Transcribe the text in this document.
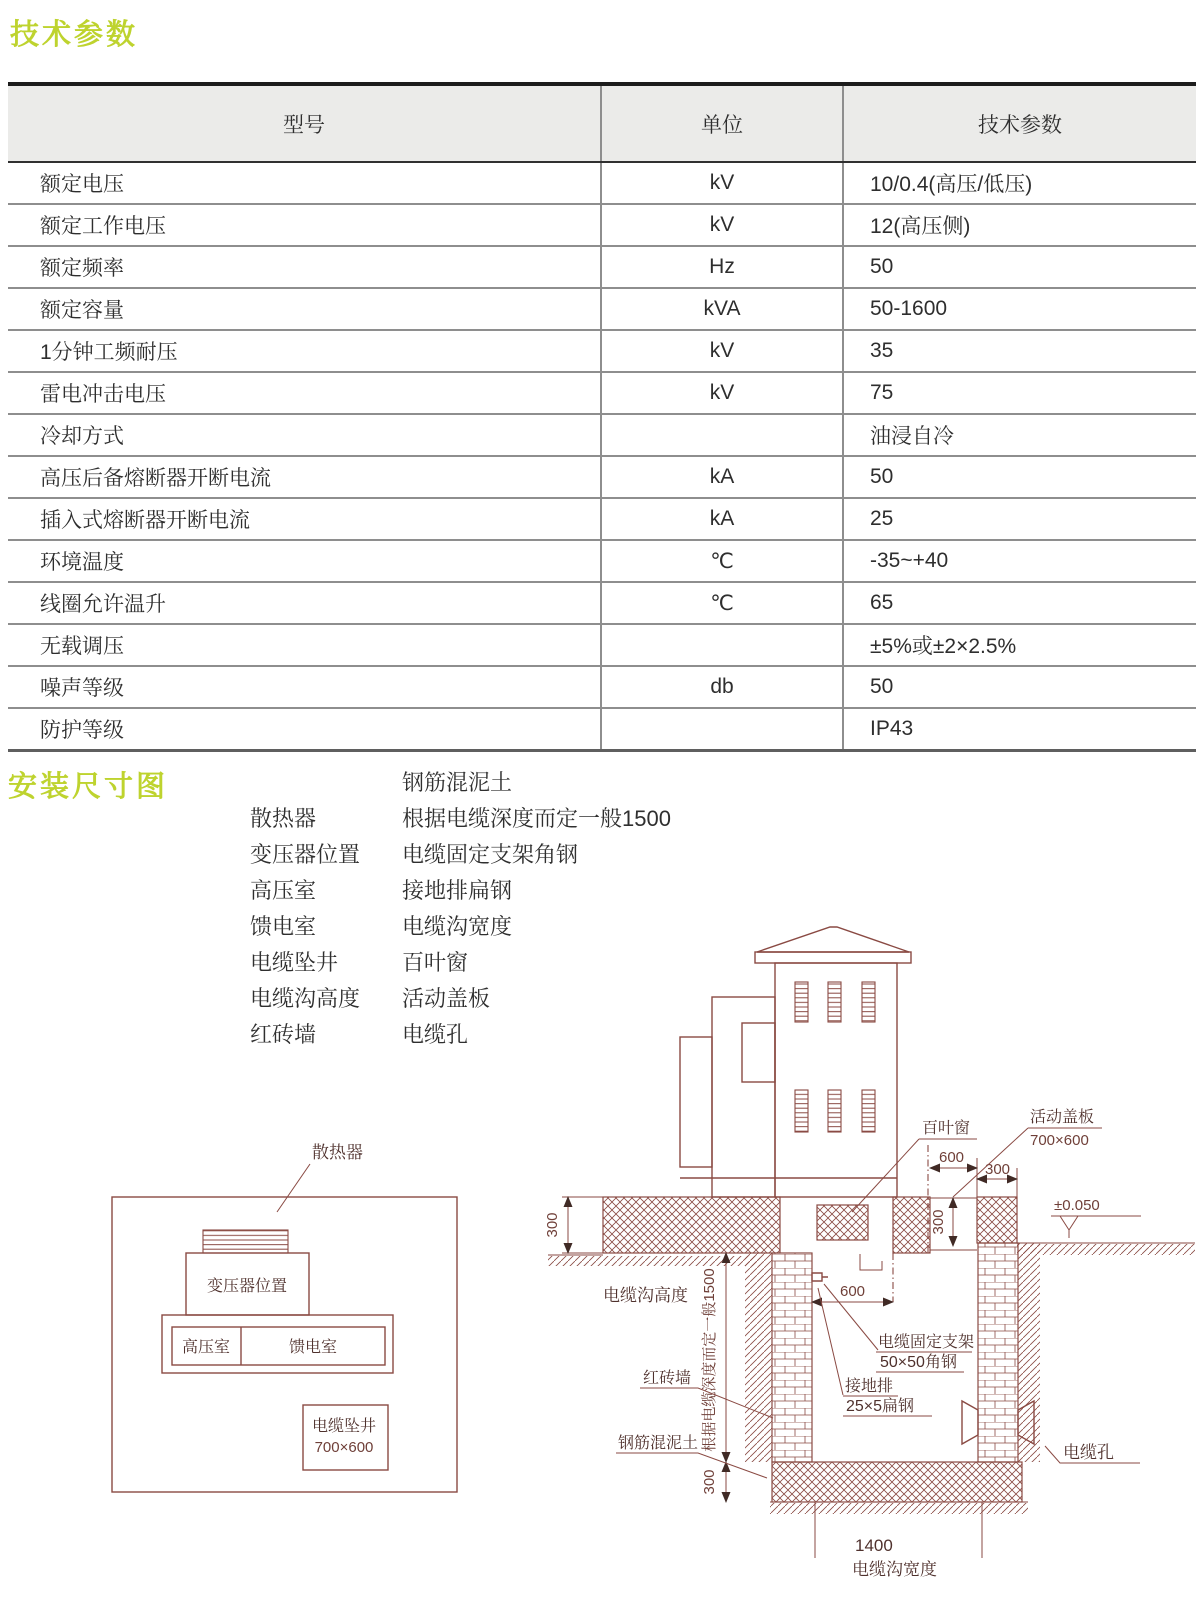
技术参数
型号	单位	技术参数
额定电压	kV	10/0.4(高压/低压)
额定工作电压	kV	12(高压侧)
额定频率	Hz	50
额定容量	kVA	50-1600
1分钟工频耐压	kV	35
雷电冲击电压	kV	75
冷却方式		油浸自冷
高压后备熔断器开断电流	kA	50
插入式熔断器开断电流	kA	25
环境温度	℃	-35~+40
线圈允许温升	℃	65
无载调压		±5%或±2×2.5%
噪声等级	db	50
防护等级		IP43
安装尺寸图	钢筋混泥土
散热器	根据电缆深度而定一般1500
变压器位置	电缆固定支架角钢
高压室	接地排扁钢
馈电室	电缆沟宽度
电缆坠井	百叶窗
电缆沟高度	活动盖板
红砖墙	电缆孔
散热器
变压器位置
高压室	馈电室
电缆坠井
700×600
300
根据电缆深度而定一般1500
300
电缆沟高度	600
电缆固定支架
50×50角钢
接地排
25×5扁钢
红砖墙
钢筋混泥土	电缆孔
1400
电缆沟宽度
600
300
300
百叶窗
活动盖板
700×600
±0.050
